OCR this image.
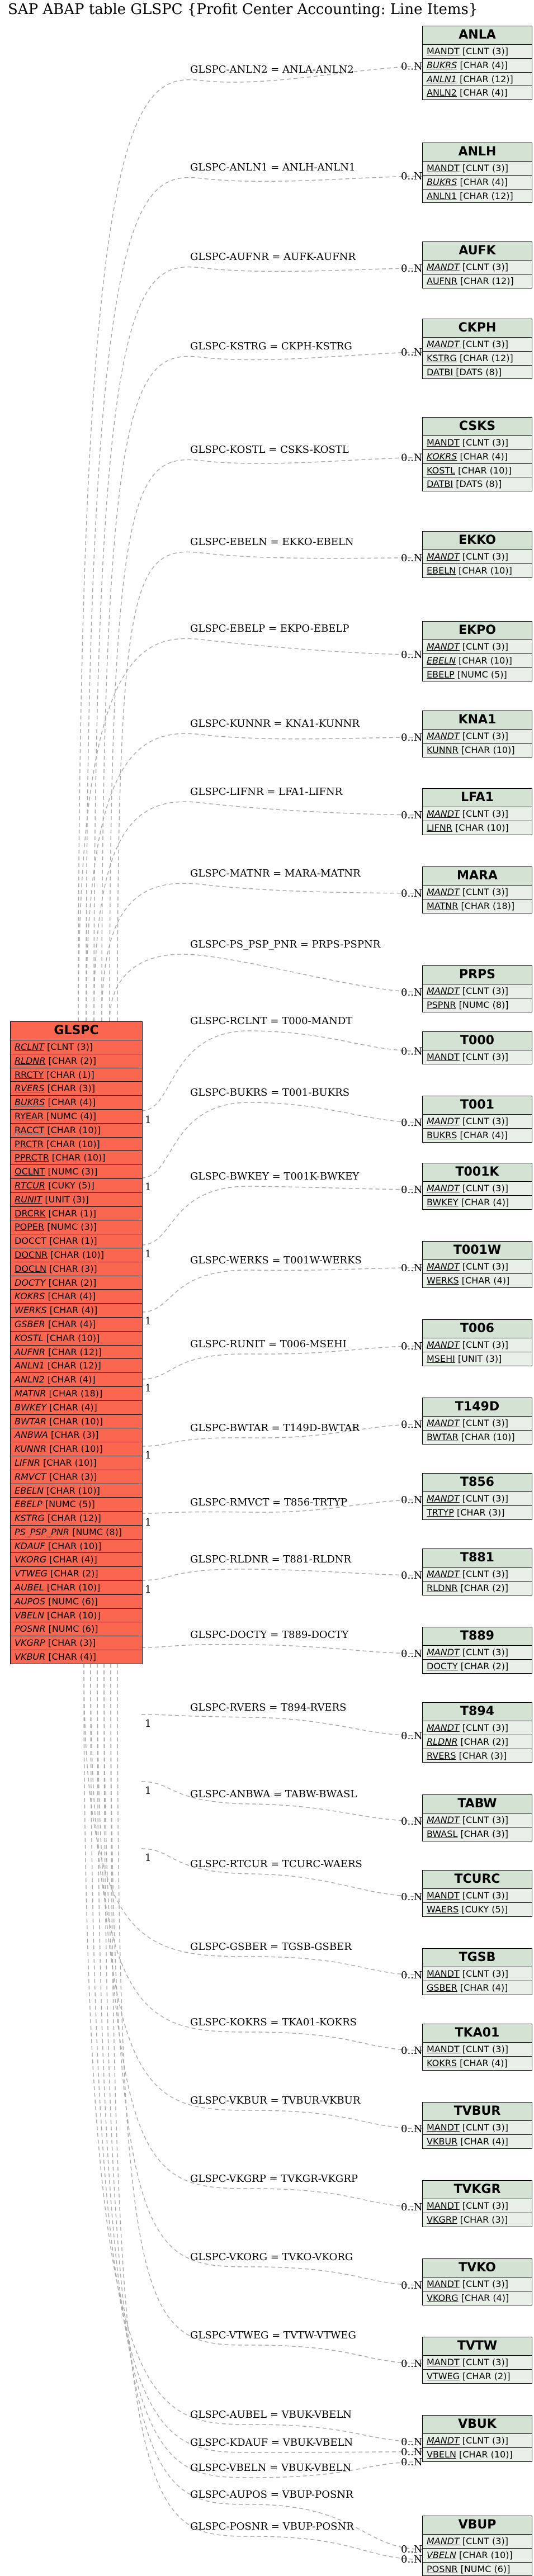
SAP ABAP table GLSPC {Profit Center Accounting: Line Items}
GLSPC-ANLN2 = ANLA-ANLN2	0..N
GLSPC-ANLN1 = ANLH-ANLN1
0..N
GLSPC-AUFNR = AUFK-AUFNR
0..N
GLSPC-KSTRG = CKPH-KSTRG
0..N
GLSPC-KOSTL = CSKS-KOSTL
0..N
GLSPC-EBELN = EKKO-EBELN
0..N
GLSPC-EBELP = EKPO-EBELP
0..N
GLSPC-KUNNR = KNA1-KUNNR
0..N
GLSPC-LIFNR = LFA1-LIFNR
0..N
GLSPC-MATNR = MARA-MATNR
0..N
GLSPC-PS_PSP_PNR = PRPS-PSPNR
0..N
GLSPC-RCLNT = T000-MANDT
0..N
1
GLSPC-BUKRS = T001-BUKRS
0..N
1
GLSPC-BWKEY = T001K-BWKEY
0..N
1
GLSPC-WERKS = T001W-WERKS
0..N
1
GLSPC-RUNIT = T006-MSEHI	0..N
1
GLSPC-BWTAR = T149D-BWTAR	0..N
1
GLSPC-RMVCT = T856-TRTYP	0..N
1
GLSPC-RLDNR = T881-RLDNR
0..N
1
GLSPC-DOCTY = T889-DOCTY
0..N
GLSPC-RVERS = T894-RVERS
0..N
1
GLSPC-ANBWA = TABW-BWASL
0..N
1
GLSPC-RTCUR = TCURC-WAERS
0..N
1
GLSPC-GSBER = TGSB-GSBER
0..N
GLSPC-KOKRS = TKA01-KOKRS
0..N
GLSPC-VKBUR = TVBUR-VKBUR
0..N
GLSPC-VKGRP = TVKGR-VKGRP
0..N
GLSPC-VKORG = TVKO-VKORG
0..N
GLSPC-VTWEG = TVTW-VTWEG
0..N
GLSPC-AUBEL = VBUK-VBELN
0..N
GLSPC-KDAUF = VBUK-VBELN
0..N
GLSPC-VBELN = VBUK-VBELN	0..N
GLSPC-AUPOS = VBUP-POSNR
0..N
GLSPC-POSNR = VBUP-POSNR
0..N
ANLA
MANDT [CLNT (3)]
BUKRS [CHAR (4)]
ANLN1 [CHAR (12)]
ANLN2 [CHAR (4)]
ANLH
MANDT [CLNT (3)]
BUKRS [CHAR (4)]
ANLN1 [CHAR (12)]
AUFK
MANDT [CLNT (3)]
AUFNR [CHAR (12)]
CKPH
MANDT [CLNT (3)]
KSTRG [CHAR (12)]
DATBI [DATS (8)]
CSKS
MANDT [CLNT (3)]
KOKRS [CHAR (4)]
KOSTL [CHAR (10)]
DATBI [DATS (8)]
EKKO
MANDT [CLNT (3)]
EBELN [CHAR (10)]
EKPO
MANDT [CLNT (3)]
EBELN [CHAR (10)]
EBELP [NUMC (5)]
KNA1
MANDT [CLNT (3)]
KUNNR [CHAR (10)]
LFA1
MANDT [CLNT (3)]
LIFNR [CHAR (10)]
MARA
MANDT [CLNT (3)]
MATNR [CHAR (18)]
PRPS
MANDT [CLNT (3)]
PSPNR [NUMC (8)]
T000
MANDT [CLNT (3)]
T001
MANDT [CLNT (3)]
BUKRS [CHAR (4)]
T001K
MANDT [CLNT (3)]
BWKEY [CHAR (4)]
T001W
MANDT [CLNT (3)]
WERKS [CHAR (4)]
T006
MANDT [CLNT (3)]
MSEHI [UNIT (3)]
T149D
MANDT [CLNT (3)]
BWTAR [CHAR (10)]
T856
MANDT [CLNT (3)]
TRTYP [CHAR (3)]
T881
MANDT [CLNT (3)]
RLDNR [CHAR (2)]
T889
MANDT [CLNT (3)]
DOCTY [CHAR (2)]
T894
MANDT [CLNT (3)]
RLDNR [CHAR (2)]
RVERS [CHAR (3)]
TABW
MANDT [CLNT (3)]
BWASL [CHAR (3)]
TCURC
MANDT [CLNT (3)]
WAERS [CUKY (5)]
TGSB
MANDT [CLNT (3)]
GSBER [CHAR (4)]
TKA01
MANDT [CLNT (3)]
KOKRS [CHAR (4)]
TVBUR
MANDT [CLNT (3)]
VKBUR [CHAR (4)]
TVKGR
MANDT [CLNT (3)]
VKGRP [CHAR (3)]
TVKO
MANDT [CLNT (3)]
VKORG [CHAR (4)]
TVTW
MANDT [CLNT (3)]
VTWEG [CHAR (2)]
VBUK
MANDT [CLNT (3)]
VBELN [CHAR (10)]
VBUP
MANDT [CLNT (3)]
VBELN [CHAR (10)]
POSNR [NUMC (6)]
GLSPC
RCLNT [CLNT (3)]
RLDNR [CHAR (2)]
RRCTY [CHAR (1)]
RVERS [CHAR (3)]
BUKRS [CHAR (4)]
RYEAR [NUMC (4)]
RACCT [CHAR (10)]
PRCTR [CHAR (10)]
PPRCTR [CHAR (10)]
OCLNT [NUMC (3)]
RTCUR [CUKY (5)]
RUNIT [UNIT (3)]
DRCRK [CHAR (1)]
POPER [NUMC (3)]
DOCCT [CHAR (1)]
DOCNR [CHAR (10)]
DOCLN [CHAR (3)]
DOCTY [CHAR (2)]
KOKRS [CHAR (4)]
WERKS [CHAR (4)]
GSBER [CHAR (4)]
KOSTL [CHAR (10)]
AUFNR [CHAR (12)]
ANLN1 [CHAR (12)]
ANLN2 [CHAR (4)]
MATNR [CHAR (18)]
BWKEY [CHAR (4)]
BWTAR [CHAR (10)]
ANBWA [CHAR (3)]
KUNNR [CHAR (10)]
LIFNR [CHAR (10)]
RMVCT [CHAR (3)]
EBELN [CHAR (10)]
EBELP [NUMC (5)]
KSTRG [CHAR (12)]
PS_PSP_PNR [NUMC (8)]
KDAUF [CHAR (10)]
VKORG [CHAR (4)]
VTWEG [CHAR (2)]
AUBEL [CHAR (10)]
AUPOS [NUMC (6)]
VBELN [CHAR (10)]
POSNR [NUMC (6)]
VKGRP [CHAR (3)]
VKBUR [CHAR (4)]
